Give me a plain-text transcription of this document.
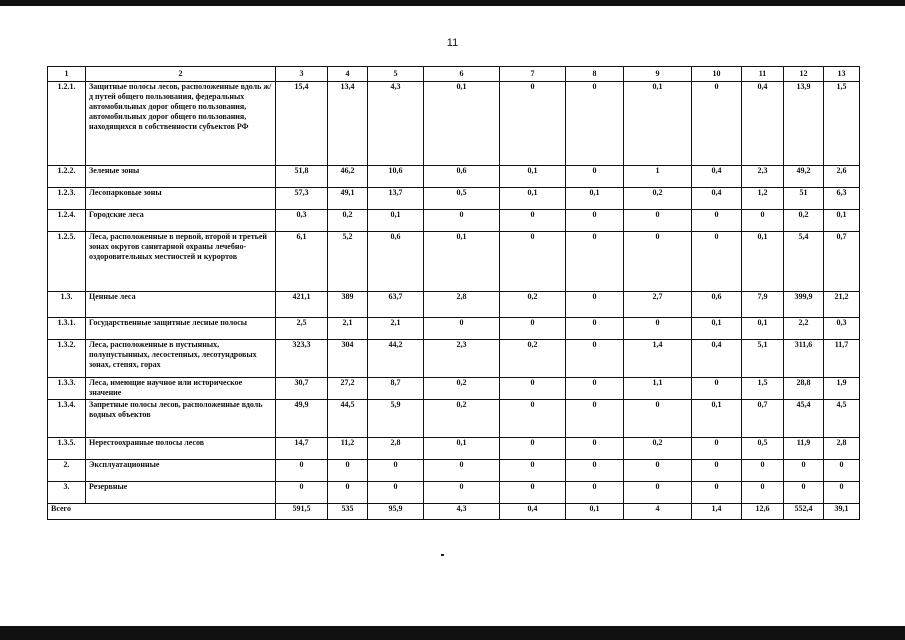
11
1	2	3	4	5	6	7	8	9	10	11	12	13
1.2.1.	Защитные полосы лесов, расположенные вдоль ж/д путей общего пользования, федеральных автомобильных дорог общего пользования, автомобильных дорог общего пользования, находящихся в собственности субъектов РФ	15,4	13,4	4,3	0,1	0	0	0,1	0	0,4	13,9	1,5
1.2.2.	Зеленые зоны	51,8	46,2	10,6	0,6	0,1	0	1	0,4	2,3	49,2	2,6
1.2.3.	Лесопарковые зоны	57,3	49,1	13,7	0,5	0,1	0,1	0,2	0,4	1,2	51	6,3
1.2.4.	Городские леса	0,3	0,2	0,1	0	0	0	0	0	0	0,2	0,1
1.2.5.	Леса, расположенные в первой, второй и третьей зонах округов санитарной охраны лечебно-оздоровительных местностей и курортов	6,1	5,2	0,6	0,1	0	0	0	0	0,1	5,4	0,7
1.3.	Ценные леса	421,1	389	63,7	2,8	0,2	0	2,7	0,6	7,9	399,9	21,2
1.3.1.	Государственные защитные лесные полосы	2,5	2,1	2,1	0	0	0	0	0,1	0,1	2,2	0,3
1.3.2.	Леса, расположенные в пустынных, полупустынных, лесостепных, лесотундровых зонах, степях, горах	323,3	304	44,2	2,3	0,2	0	1,4	0,4	5,1	311,6	11,7
1.3.3.	Леса, имеющие научное или историческое значение	30,7	27,2	8,7	0,2	0	0	1,1	0	1,5	28,8	1,9
1.3.4.	Запретные полосы лесов, расположенные вдоль водных объектов	49,9	44,5	5,9	0,2	0	0	0	0,1	0,7	45,4	4,5
1.3.5.	Нерестоохранные полосы лесов	14,7	11,2	2,8	0,1	0	0	0,2	0	0,5	11,9	2,8
2.	Эксплуатационные	0	0	0	0	0	0	0	0	0	0	0
3.	Резервные	0	0	0	0	0	0	0	0	0	0	0
Всего		591,5	535	95,9	4,3	0,4	0,1	4	1,4	12,6	552,4	39,1
